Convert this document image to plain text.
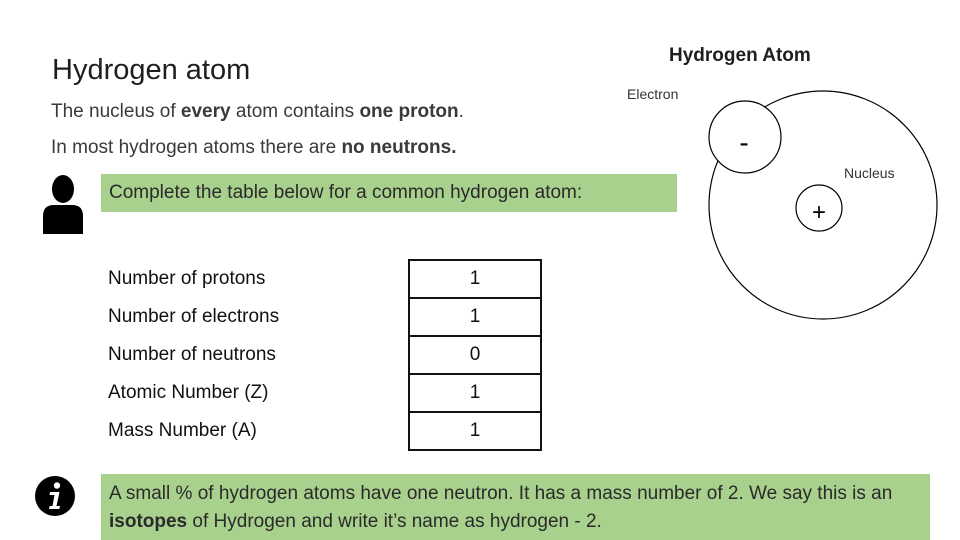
Hydrogen atom
The nucleus of every atom contains one proton.
In most hydrogen atoms there are no neutrons.
Complete the table below for a common hydrogen atom:
Number of protons	1
Number of electrons	1
Number of neutrons	0
Atomic Number (Z)	1
Mass Number (A)	1
A small % of hydrogen atoms have one neutron. It has a mass number of 2. We say this is an isotopes of Hydrogen and write it’s name as hydrogen - 2.
Hydrogen Atom
Electron
Nucleus
-
+
